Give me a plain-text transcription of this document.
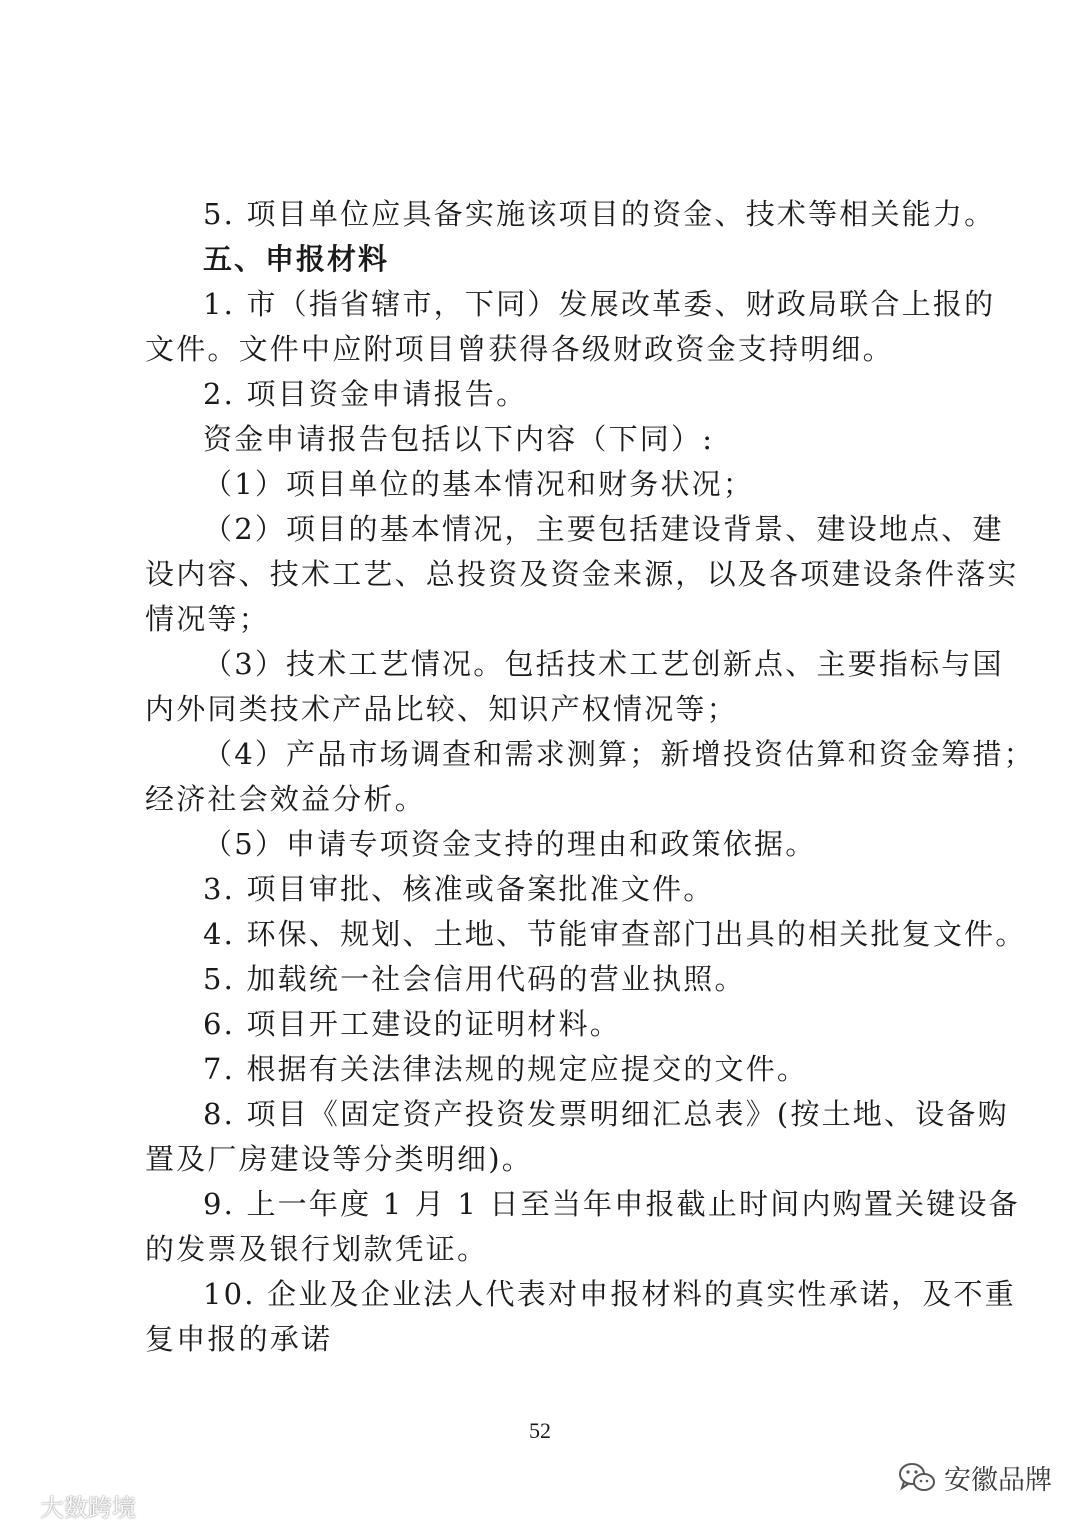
5. 项目单位应具备实施该项目的资金、技术等相关能力。
五、申报材料
1. 市（指省辖市，下同）发展改革委、财政局联合上报的
文件。文件中应附项目曾获得各级财政资金支持明细。
2. 项目资金申请报告。
资金申请报告包括以下内容（下同）:
（1）项目单位的基本情况和财务状况；
（2）项目的基本情况，主要包括建设背景、建设地点、建
设内容、技术工艺、总投资及资金来源，以及各项建设条件落实
情况等；
（3）技术工艺情况。包括技术工艺创新点、主要指标与国
内外同类技术产品比较、知识产权情况等；
（4）产品市场调查和需求测算；新增投资估算和资金筹措；
经济社会效益分析。
（5）申请专项资金支持的理由和政策依据。
3. 项目审批、核准或备案批准文件。
4. 环保、规划、土地、节能审查部门出具的相关批复文件。
5. 加载统一社会信用代码的营业执照。
6. 项目开工建设的证明材料。
7. 根据有关法律法规的规定应提交的文件。
8. 项目《固定资产投资发票明细汇总表》(按土地、设备购
置及厂房建设等分类明细)。
9. 上一年度 1 月 1 日至当年申报截止时间内购置关键设备
的发票及银行划款凭证。
10. 企业及企业法人代表对申报材料的真实性承诺，及不重
复申报的承诺
52
大数跨境
安徽品牌
